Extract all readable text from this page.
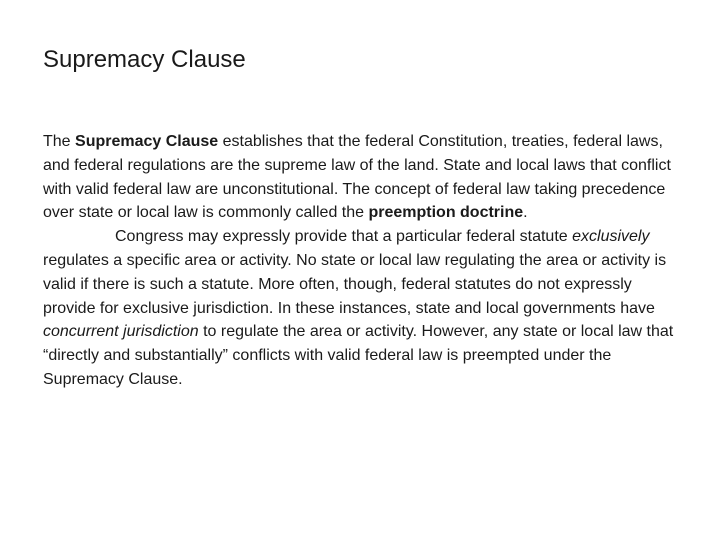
Supremacy Clause

The Supremacy Clause establishes that the federal Constitution, treaties, federal laws, and federal regulations are the supreme law of the land. State and local laws that conflict with valid federal law are unconstitutional. The concept of federal law taking precedence over state or local law is commonly called the preemption doctrine.

Congress may expressly provide that a particular federal statute exclusively regulates a specific area or activity. No state or local law regulating the area or activity is valid if there is such a statute. More often, though, federal statutes do not expressly provide for exclusive jurisdiction. In these instances, state and local governments have concurrent jurisdiction to regulate the area or activity. However, any state or local law that “directly and substantially” conflicts with valid federal law is preempted under the Supremacy Clause.
